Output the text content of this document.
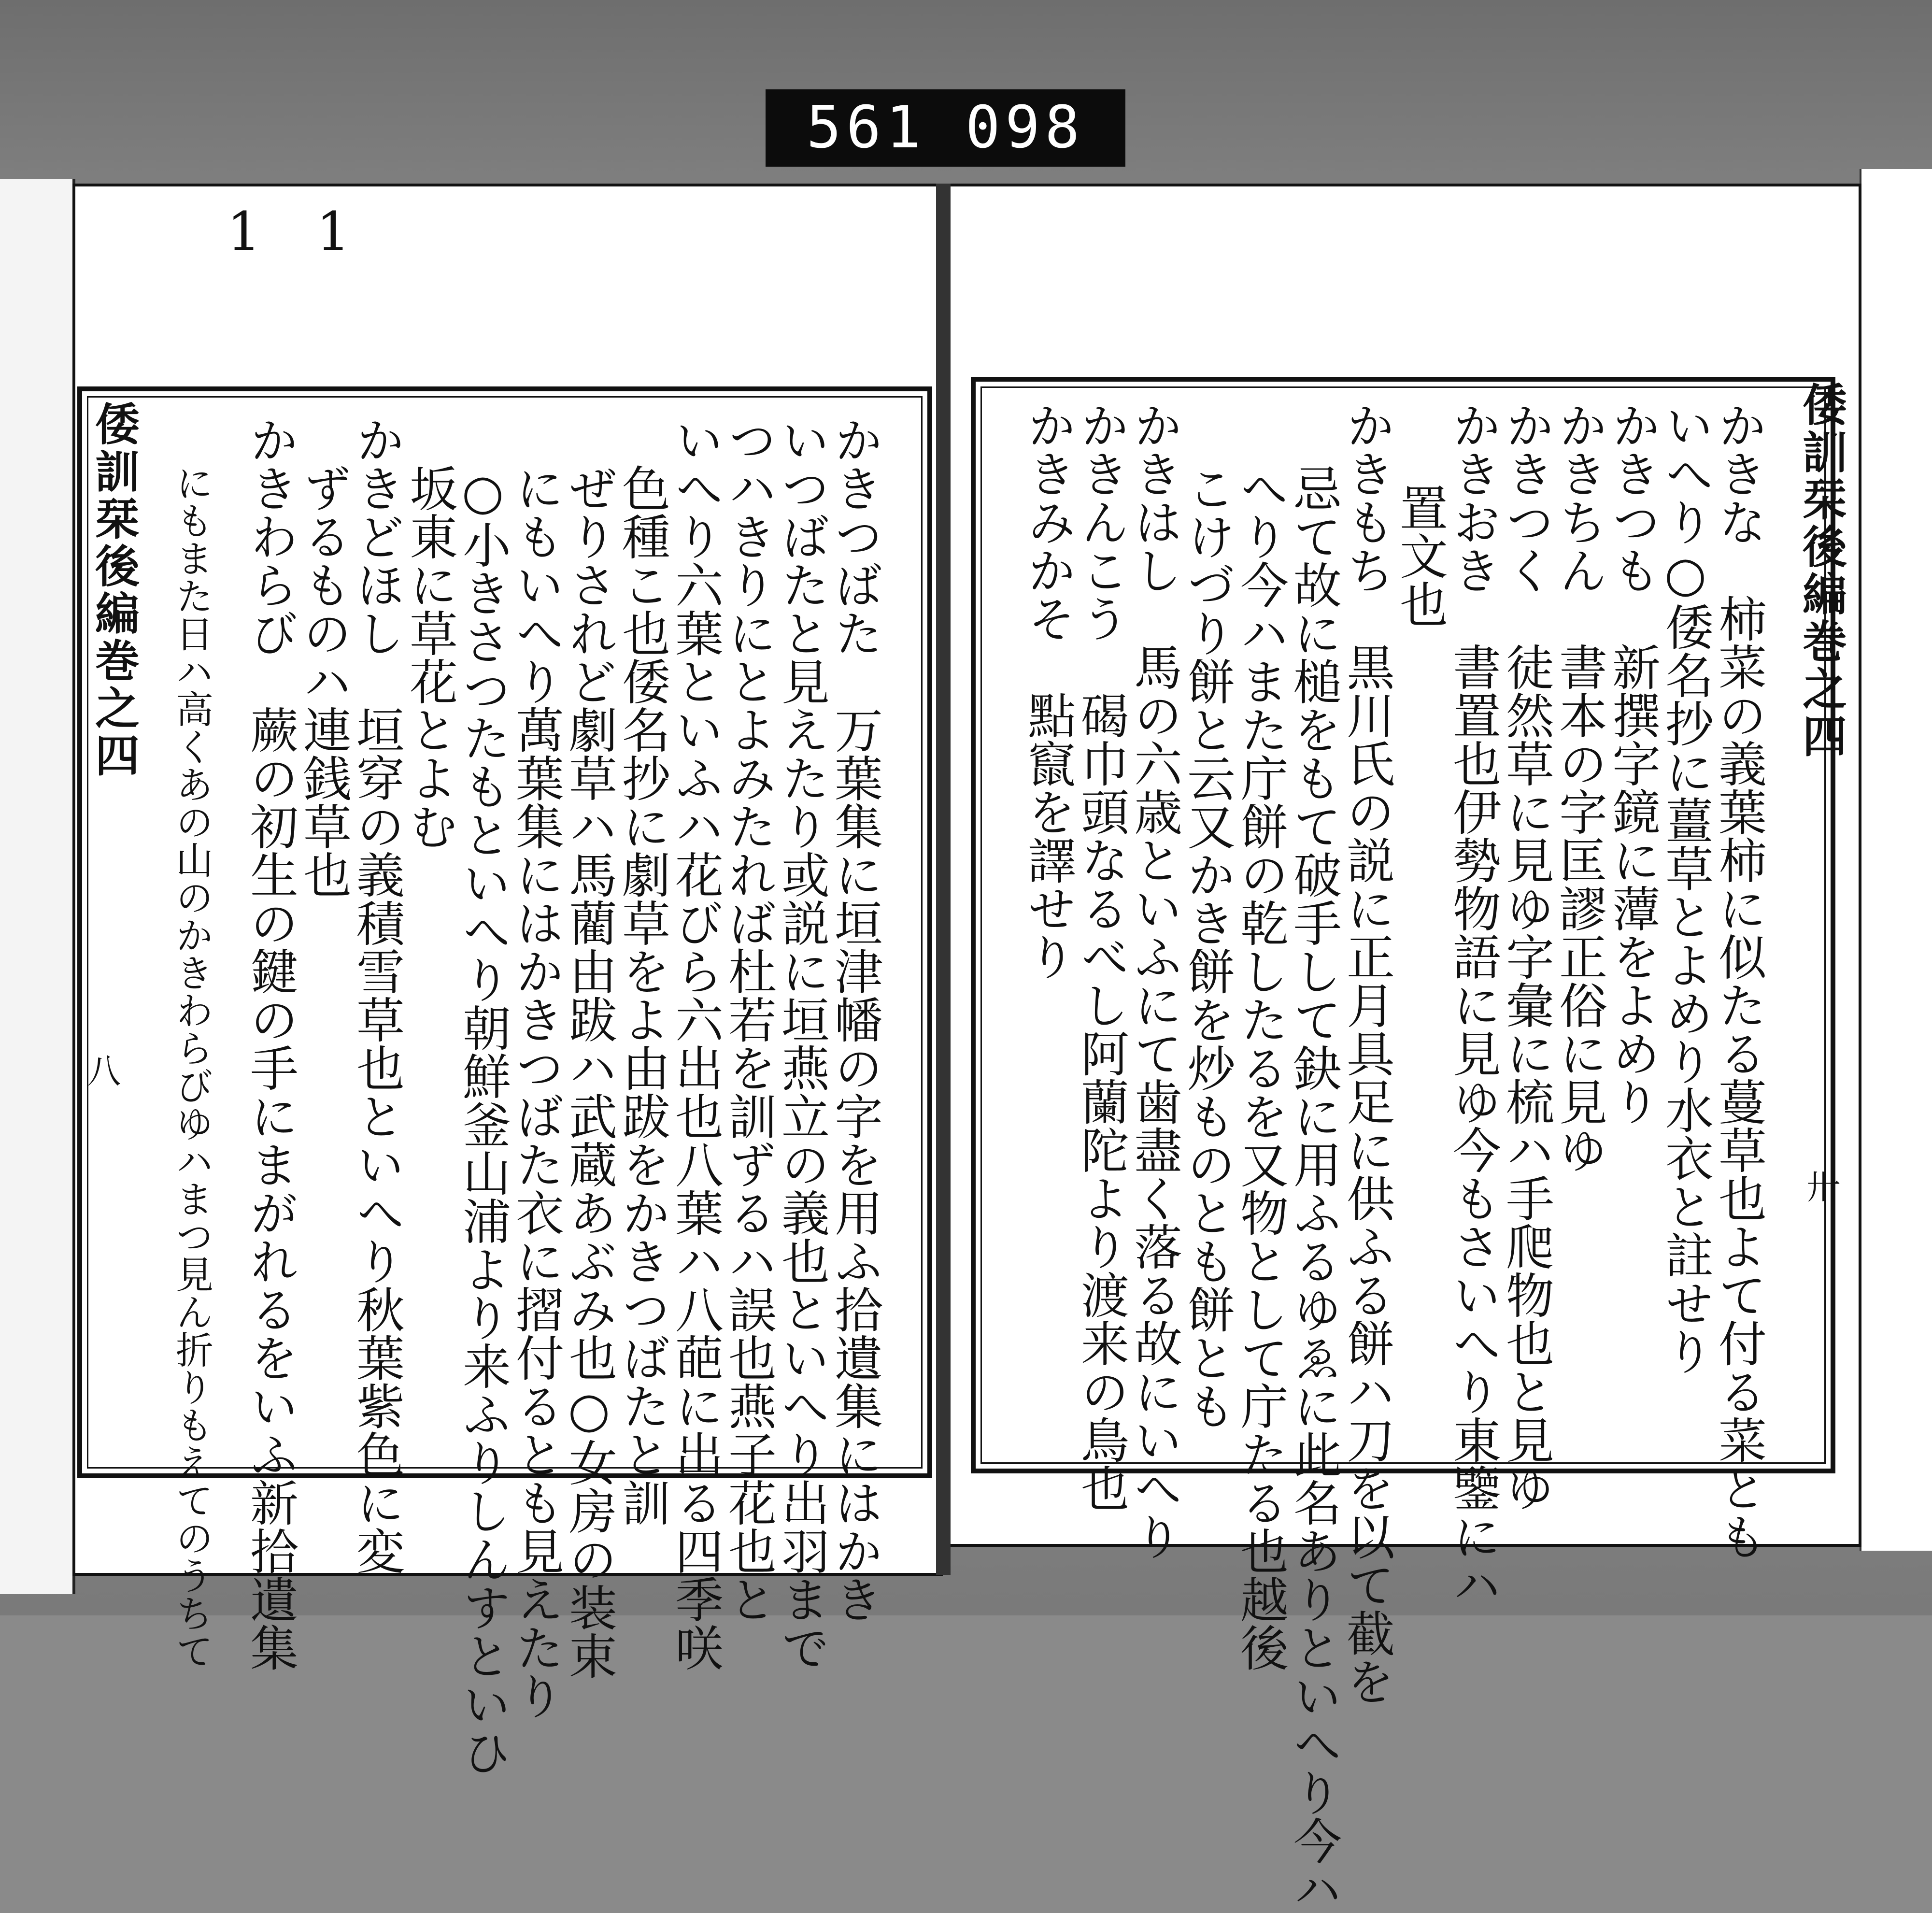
561 098
1 1
倭訓栞後編巻之四	倭訓栞後編巻之四
八
卅
かきな　柿菜の義葉柿に似たる蔓草也よて付る菜とも
いへり○倭名抄に薑草とよめり水衣と註せり
かきつも　新撰字鏡に藫をよめり
かきちん　書本の字匡謬正俗に見ゆ
かきつく　徒然草に見ゆ字彙に梳ハ手爬物也と見ゆ
かきおき　書置也伊勢物語に見ゆ今もさいへり東鑒にハ
置文也
かきもち　黒川氏の説に正月具足に供ふる餅ハ刀を以て截を
忌て故に槌をもて破手して鈌に用ふるゆゑに此名ありといへり今ハ
へり今ハまた庁餅の乾したるを又物として庁たる也越後
こけづり餅と云又かき餅を炒ものとも餅とも
かきはし　馬の六歳といふにて歯盡く落る故にいへり
かきんこう　碣巾頭なるべし阿蘭陀より渡来の鳥也
かきみかそ　點竄を譯せり
かきつばた　万葉集に垣津幡の字を用ふ拾遺集にはかき
いつばたと見えたり或説に垣燕立の義也といへり出羽まで
つハきりにとよみたれば杜若を訓ずるハ誤也燕子花也と
いへり六葉といふハ花びら六出也八葉ハ八葩に出る四季咲
色種こ也倭名抄に劇草をよ由跋をかきつばたと訓
ぜりされど劇草ハ馬藺由跋ハ武蔵あぶみ也○女房の装束
にもいへり萬葉集にはかきつばた衣に摺付るとも見えたり
○小きさつたもといへり朝鮮釜山浦より来ふりしんすといひ
坂東に草花とよむ
かきどほし　垣穿の義積雪草也といへり秋葉紫色に変
ずるものハ連銭草也
かきわらび　蕨の初生の鍵の手にまがれるをいふ新拾遺集
にもまた日ハ高くあの山のかきわらびゆハまつ見ん折りもえてのうちて
